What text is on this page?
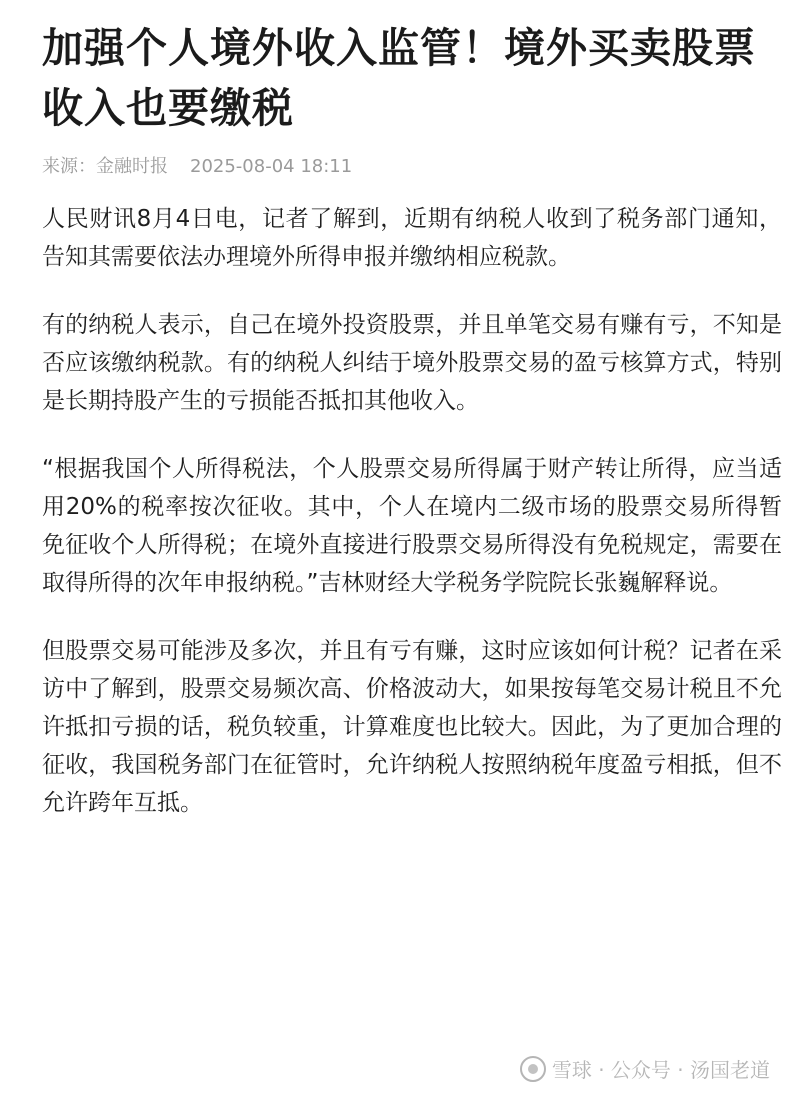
加强个人境外收入监管！境外买卖股票收入也要缴税
来源： 金融时报 2025-08-04 18:11

人民财讯8月4日电，记者了解到，近期有纳税人收到了税务部门通知，告知其需要依法办理境外所得申报并缴纳相应税款。

有的纳税人表示，自己在境外投资股票，并且单笔交易有赚有亏，不知是否应该缴纳税款。有的纳税人纠结于境外股票交易的盈亏核算方式，特别是长期持股产生的亏损能否抵扣其他收入。

“根据我国个人所得税法，个人股票交易所得属于财产转让所得，应当适用20%的税率按次征收。其中，个人在境内二级市场的股票交易所得暂免征收个人所得税；在境外直接进行股票交易所得没有免税规定，需要在取得所得的次年申报纳税。”吉林财经大学税务学院院长张巍解释说。

但股票交易可能涉及多次，并且有亏有赚，这时应该如何计税？记者在采访中了解到，股票交易频次高、价格波动大，如果按每笔交易计税且不允许抵扣亏损的话，税负较重，计算难度也比较大。因此，为了更加合理的征收，我国税务部门在征管时，允许纳税人按照纳税年度盈亏相抵，但不允许跨年互抵。

雪球 · 公众号 · 汤国老道
